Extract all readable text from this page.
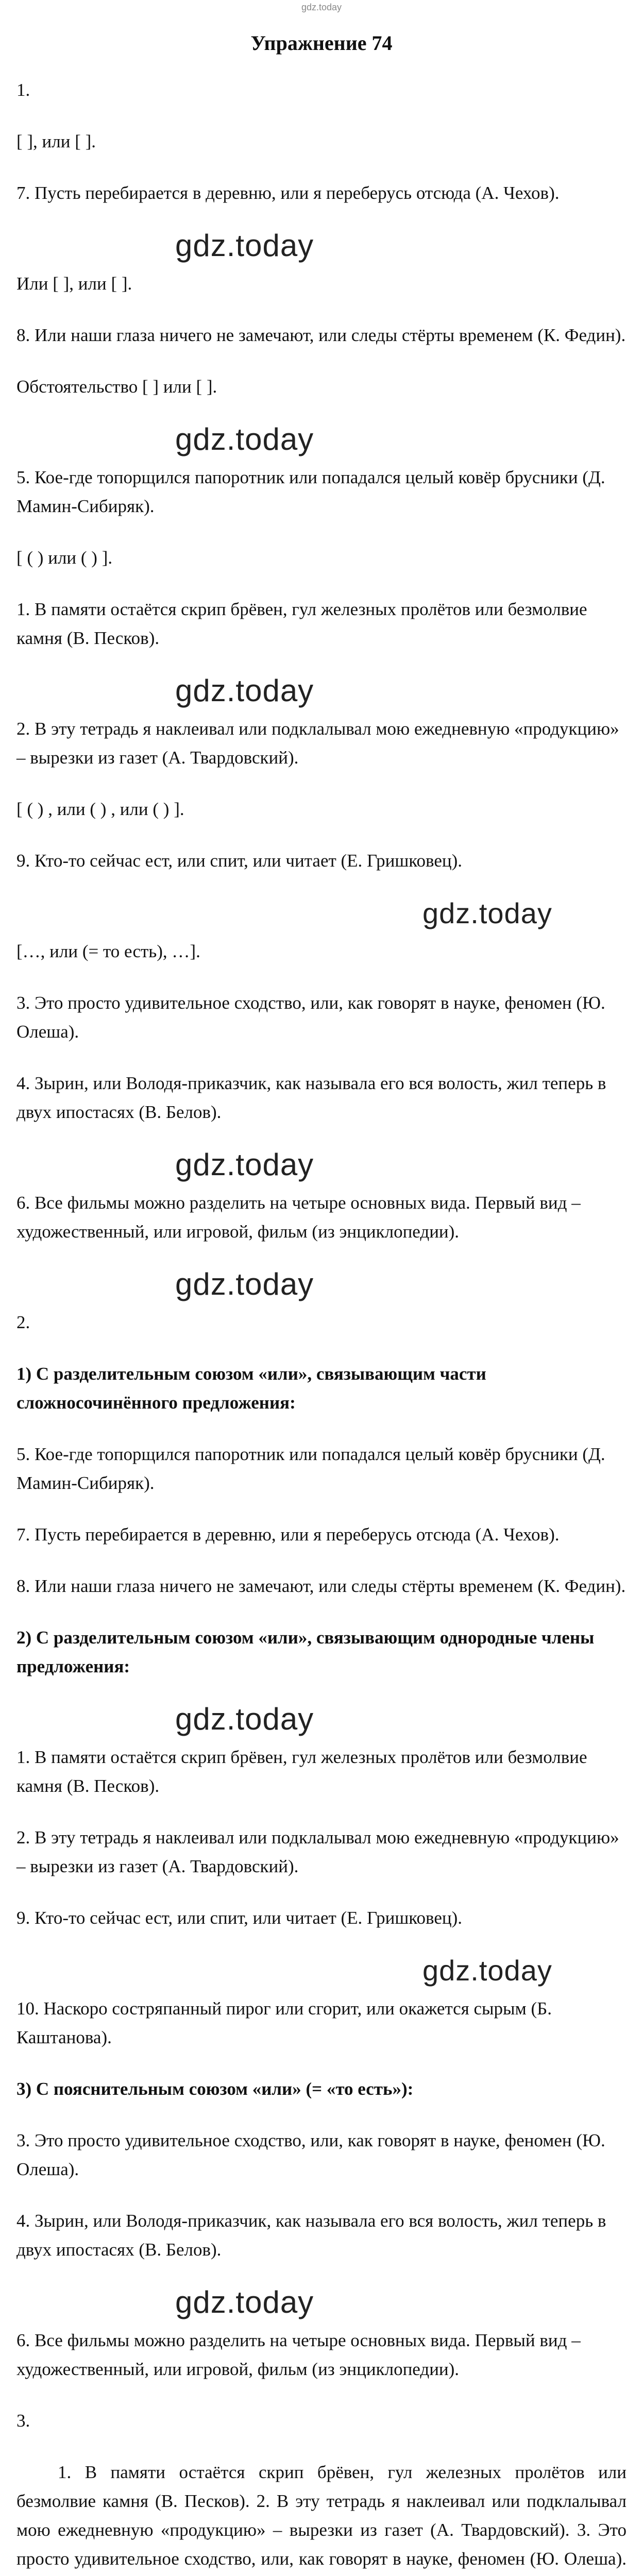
gdz.today
Упражнение 74
1.
[ ], или [ ].
7. Пусть перебирается в деревню, или я переберусь отсюда (А. Чехов).
gdz.today
Или [ ], или [ ].
8. Или наши глаза ничего не замечают, или следы стёрты временем (К. Федин).
Обстоятельство [ ] или [ ].
gdz.today
5. Кое-где топорщился папоротник или попадался целый ковёр брусники (Д. Мамин-Сибиряк).
[ ( ) или ( ) ].
1. В памяти остаётся скрип брёвен, гул железных пролётов или безмолвие камня (В. Песков).
gdz.today
2. В эту тетрадь я наклеивал или подклалывал мою ежедневную «продукцию» – вырезки из газет (А. Твардовский).
[ ( ) , или ( ) , или ( ) ].
9. Кто-то сейчас ест, или спит, или читает (Е. Гришковец).
gdz.today
[…, или (= то есть), …].
3. Это просто удивительное сходство, или, как говорят в науке, феномен (Ю. Олеша).
4. Зырин, или Володя-приказчик, как называла его вся волость, жил теперь в двух ипостасях (В. Белов).
gdz.today
6. Все фильмы можно разделить на четыре основных вида. Первый вид – художественный, или игровой, фильм (из энциклопедии).
gdz.today
2.
1) С разделительным союзом «или», связывающим части сложносочинённого предложения:
5. Кое-где топорщился папоротник или попадался целый ковёр брусники (Д. Мамин-Сибиряк).
7. Пусть перебирается в деревню, или я переберусь отсюда (А. Чехов).
8. Или наши глаза ничего не замечают, или следы стёрты временем (К. Федин).
2) С разделительным союзом «или», связывающим однородные члены предложения:
gdz.today
1. В памяти остаётся скрип брёвен, гул железных пролётов или безмолвие камня (В. Песков).
2. В эту тетрадь я наклеивал или подклалывал мою ежедневную «продукцию» – вырезки из газет (А. Твардовский).
9. Кто-то сейчас ест, или спит, или читает (Е. Гришковец).
gdz.today
10. Наскоро состряпанный пирог или сгорит, или окажется сырым (Б. Каштанова).
3) С пояснительным союзом «или» (= «то есть»):
3. Это просто удивительное сходство, или, как говорят в науке, феномен (Ю. Олеша).
4. Зырин, или Володя-приказчик, как называла его вся волость, жил теперь в двух ипостасях (В. Белов).
gdz.today
6. Все фильмы можно разделить на четыре основных вида. Первый вид – художественный, или игровой, фильм (из энциклопедии).
3.
1. В памяти остаётся скрип брёвен, гул железных пролётов или безмолвие камня (В. Песков). 2. В эту тетрадь я наклеивал или подклалывал мою ежедневную «продукцию» – вырезки из газет (А. Твардовский). 3. Это просто удивительное сходство, или, как говорят в науке, феномен (Ю. Олеша).
